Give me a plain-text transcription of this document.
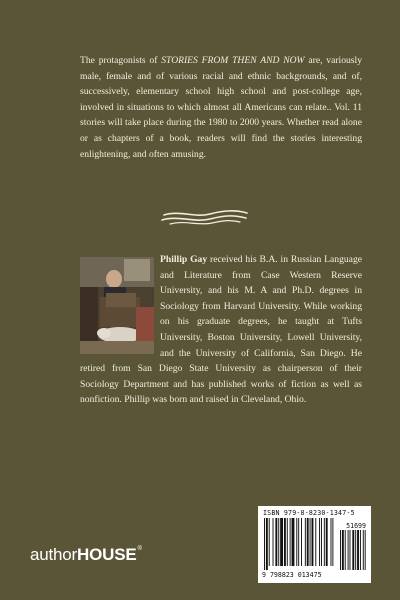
The protagonists of STORIES FROM THEN AND NOW are, variously male, female and of various racial and ethnic backgrounds, and of, successively, elementary school high school and post-college age, involved in situations to which almost all Americans can relate.. Vol. 11 stories will take place during the 1980 to 2000 years. Whether read alone or as chapters of a book, readers will find the stories interesting enlightening, and often amusing.

Phillip Gay received his B.A. in Russian Language and Literature from Case Western Reserve University, and his M. A and Ph.D. degrees in Sociology from Harvard University. While working on his graduate degrees, he taught at Tufts University, Boston University, Lowell University, and the University of California, San Diego. He retired from San Diego State University as chairperson of their Sociology Department and has published works of fiction as well as nonfiction. Phillip was born and raised in Cleveland, Ohio.

ISBN 979-8-8230-1347-5
51699
9 798823 013475
authorHOUSE®
